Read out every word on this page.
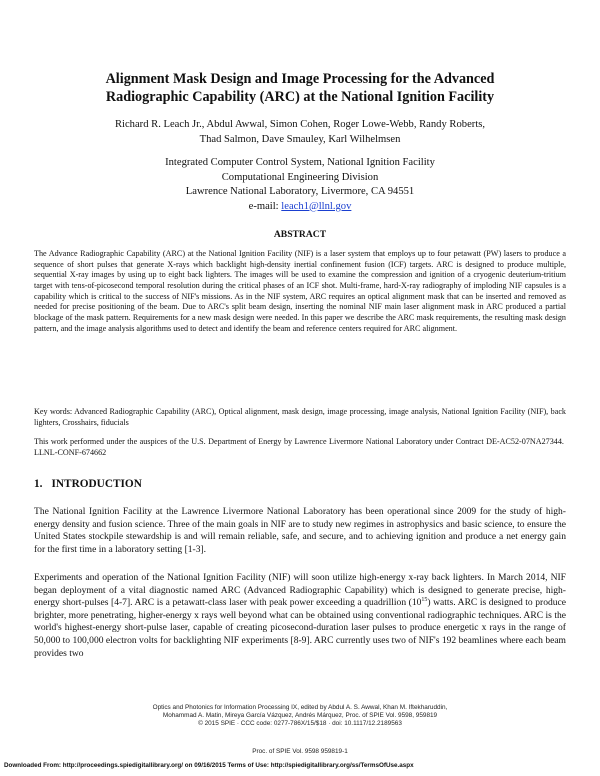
Alignment Mask Design and Image Processing for the Advanced
Radiographic Capability (ARC) at the National Ignition Facility
Richard R. Leach Jr., Abdul Awwal, Simon Cohen, Roger Lowe-Webb, Randy Roberts,
Thad Salmon, Dave Smauley, Karl Wilhelmsen
Integrated Computer Control System, National Ignition Facility
Computational Engineering Division
Lawrence National Laboratory, Livermore, CA 94551
e-mail: leach1@llnl.gov
ABSTRACT

The Advance Radiographic Capability (ARC) at the National Ignition Facility (NIF) is a laser system that employs up to four petawatt (PW) lasers to produce a sequence of short pulses that generate X-rays which backlight high-density inertial confinement fusion (ICF) targets. ARC is designed to produce multiple, sequential X-ray images by using up to eight back lighters. The images will be used to examine the compression and ignition of a cryogenic deuterium-tritium target with tens-of-picosecond temporal resolution during the critical phases of an ICF shot. Multi-frame, hard-X-ray radiography of imploding NIF capsules is a capability which is critical to the success of NIF's missions. As in the NIF system, ARC requires an optical alignment mask that can be inserted and removed as needed for precise positioning of the beam. Due to ARC's split beam design, inserting the nominal NIF main laser alignment mask in ARC produced a partial blockage of the mask pattern. Requirements for a new mask design were needed. In this paper we describe the ARC mask requirements, the resulting mask design pattern, and the image analysis algorithms used to detect and identify the beam and reference centers required for ARC alignment.

Key words: Advanced Radiographic Capability (ARC), Optical alignment, mask design, image processing, image analysis, National Ignition Facility (NIF), back lighters, Crosshairs, fiducials

This work performed under the auspices of the U.S. Department of Energy by Lawrence Livermore National Laboratory under Contract DE-AC52-07NA27344.  LLNL-CONF-674662

1. INTRODUCTION

The National Ignition Facility at the Lawrence Livermore National Laboratory has been operational since 2009 for the study of high-energy density and fusion science. Three of the main goals in NIF are to study new regimes in astrophysics and basic science, to ensure the United States stockpile stewardship is and will remain reliable, safe, and secure, and to achieving ignition and produce a net energy gain for the first time in a laboratory setting [1-3].

Experiments and operation of the National Ignition Facility (NIF) will soon utilize high-energy x-ray back lighters. In March 2014, NIF began deployment of a vital diagnostic named ARC (Advanced Radiographic Capability) which is designed to generate precise, high-energy short-pulses [4-7]. ARC is a petawatt-class laser with peak power exceeding a quadrillion $(10^{15})$ watts. ARC is designed to produce brighter, more penetrating, higher-energy x rays well beyond what can be obtained using conventional radiographic techniques. ARC is the world's highest-energy short-pulse laser, capable of creating picosecond-duration laser pulses to produce energetic x rays in the range of 50,000 to 100,000 electron volts for backlighting NIF experiments [8-9]. ARC currently uses two of NIF's 192 beamlines where each beam provides two

Optics and Photonics for Information Processing IX, edited by Abdul A. S. Awwal, Khan M. Iftekharuddin,
Mohammad A. Matin, Mireya García Vázquez, Andrés Márquez, Proc. of SPIE Vol. 9598, 959819
© 2015 SPIE · CCC code: 0277-786X/15/$18 · doi: 10.1117/12.2189563
Proc. of SPIE Vol. 9598 959819-1
Downloaded From: http://proceedings.spiedigitallibrary.org/ on 09/16/2015 Terms of Use: http://spiedigitallibrary.org/ss/TermsOfUse.aspx
